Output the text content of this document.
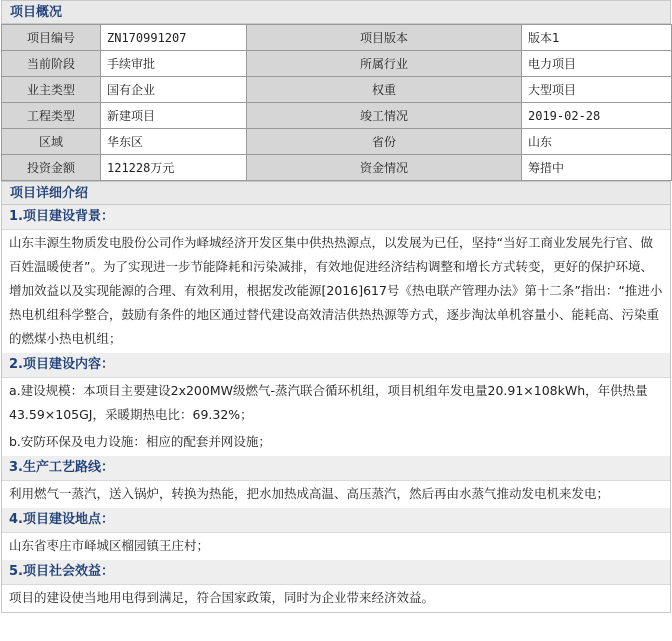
项目概况
项目编号	ZN170991207	项目版本	版本1
当前阶段	手续审批	所属行业	电力项目
业主类型	国有企业	权重	大型项目
工程类型	新建项目	竣工情况	2019-02-28
区域	华东区	省份	山东
投资金额	121228万元	资金情况	筹措中
项目详细介绍
1.项目建设背景：
山东丰源生物质发电股份公司作为峄城经济开发区集中供热热源点，以发展为已任，坚持“当好工商业发展先行官、做百姓温暖使者”。为了实现进一步节能降耗和污染减排，有效地促进经济结构调整和增长方式转变，更好的保护环境、增加效益以及实现能源的合理、有效利用，根据发改能源[2016]617号《热电联产管理办法》第十二条”指出：“推进小热电机组科学整合，鼓励有条件的地区通过替代建设高效清洁供热热源等方式，逐步淘汰单机容量小、能耗高、污染重的燃煤小热电机组；
2.项目建设内容：
a.建设规模：本项目主要建设2x200MW级燃气-蒸汽联合循环机组，项目机组年发电量20.91×108kWh，年供热量43.59×105GJ，采暖期热电比：69.32%；
b.安防环保及电力设施：相应的配套并网设施；
3.生产工艺路线：
利用燃气一蒸汽，送入锅炉，转换为热能，把水加热成高温、高压蒸汽，然后再由水蒸气推动发电机来发电；
4.项目建设地点：
山东省枣庄市峄城区榴园镇王庄村；
5.项目社会效益：
项目的建设使当地用电得到满足，符合国家政策，同时为企业带来经济效益。
